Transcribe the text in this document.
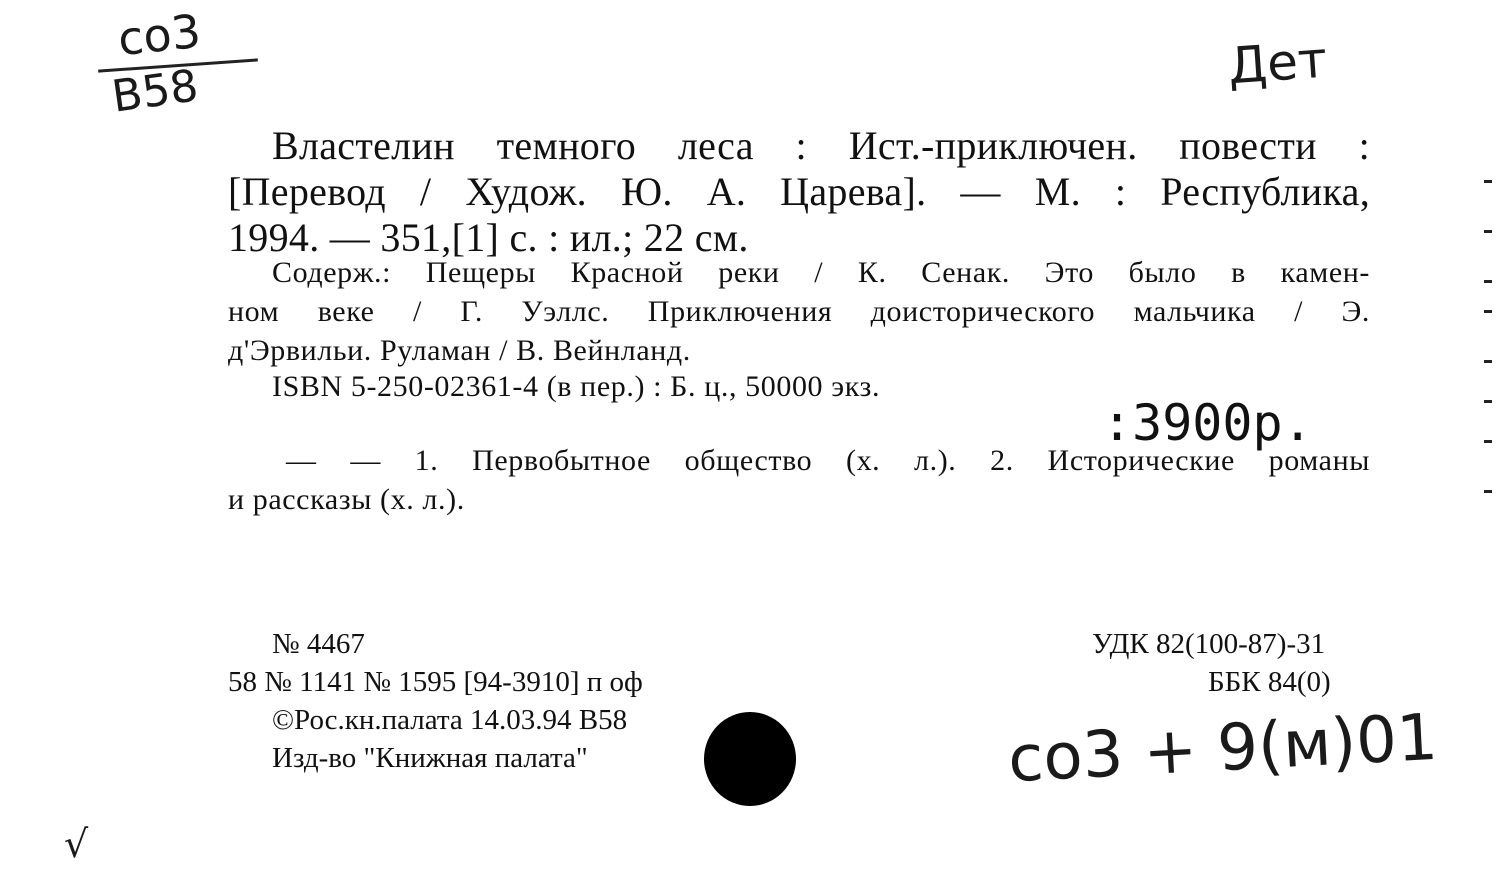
со3
В58	Дет
Властелин темного леса : Ист.-приключен. повести :
[Перевод / Худож. Ю. А. Царева]. — М. : Республика,
1994. — 351,[1] с. : ил.; 22 см.
Содерж.: Пещеры Красной реки / К. Сенак. Это было в камен-
ном веке / Г. Уэллс. Приключения доисторического мальчика / Э.
д'Эрвильи. Руламан / В. Вейнланд.
ISBN 5-250-02361-4 (в пер.) : Б. ц., 50000 экз.
:3900р.
— — 1. Первобытное общество (х. л.). 2. Исторические романы
и рассказы (х. л.).
№ 4467
58 № 1141 № 1595 [94-3910] п оф
©Рос.кн.палата 14.03.94 В58
Изд-во "Книжная палата"
УДК 82(100-87)-31
ББК 84(0)
со3 + 9(м)01
√
